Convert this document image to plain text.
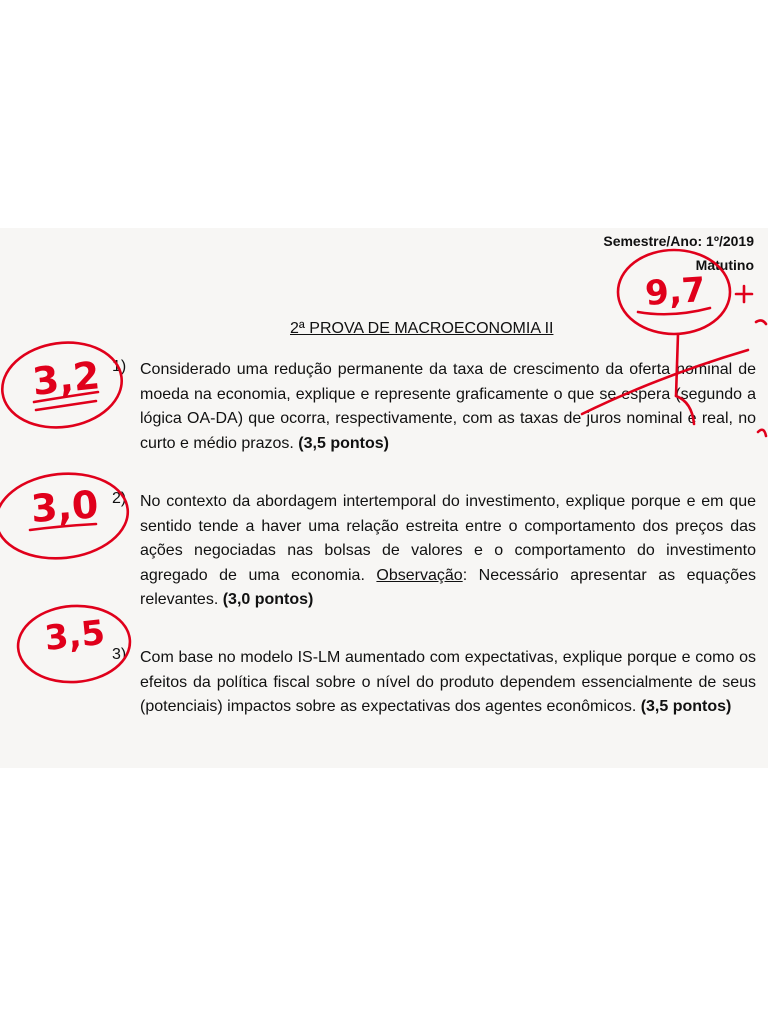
Semestre/Ano: 1º/2019
Matutino
2ª PROVA DE MACROECONOMIA II
1) Considerado uma redução permanente da taxa de crescimento da oferta nominal de moeda na economia, explique e represente graficamente o que se espera (segundo a lógica OA-DA) que ocorra, respectivamente, com as taxas de juros nominal e real, no curto e médio prazos. (3,5 pontos)
2) No contexto da abordagem intertemporal do investimento, explique porque e em que sentido tende a haver uma relação estreita entre o comportamento dos preços das ações negociadas nas bolsas de valores e o comportamento do investimento agregado de uma economia. Observação: Necessário apresentar as equações relevantes. (3,0 pontos)
3) Com base no modelo IS-LM aumentado com expectativas, explique porque e como os efeitos da política fiscal sobre o nível do produto dependem essencialmente de seus (potenciais) impactos sobre as expectativas dos agentes econômicos. (3,5 pontos)
3,2
3,0
3,5
9,7
